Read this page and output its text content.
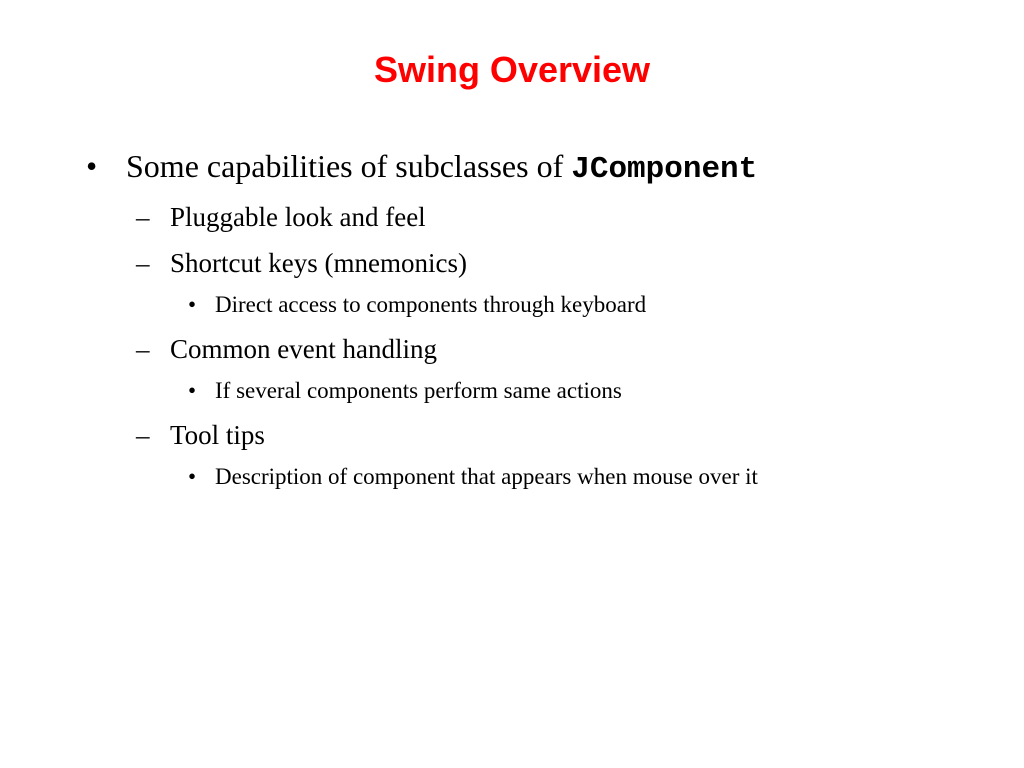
Swing Overview
• Some capabilities of subclasses of JComponent
– Pluggable look and feel
– Shortcut keys (mnemonics)
• Direct access to components through keyboard
– Common event handling
• If several components perform same actions
– Tool tips
• Description of component that appears when mouse over it
